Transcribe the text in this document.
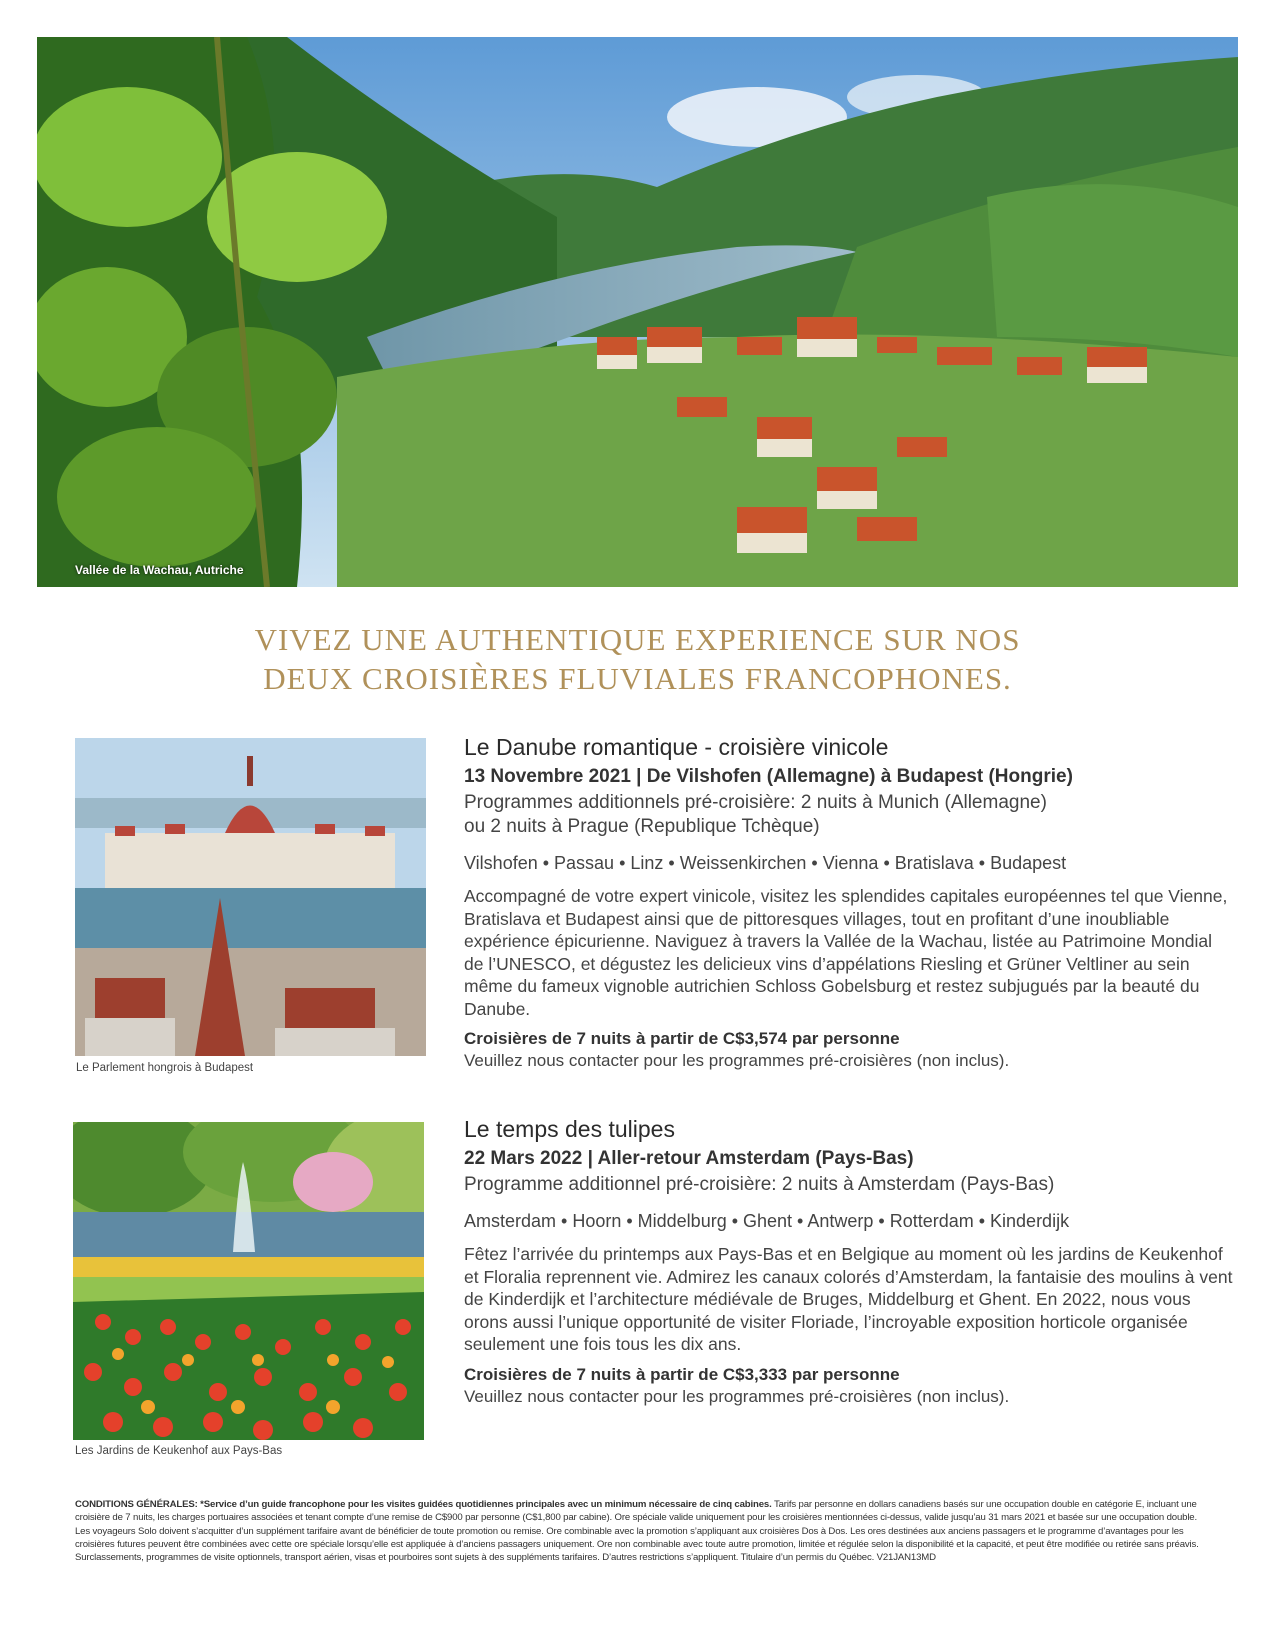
Vallée de la Wachau, Autriche
VIVEZ UNE AUTHENTIQUE EXPERIENCE SUR NOS
DEUX CROISIÈRES FLUVIALES FRANCOPHONES.
Le Parlement hongrois à Budapest
Le Danube romantique - croisière vinicole
13 Novembre 2021 | De Vilshofen (Allemagne) à Budapest (Hongrie)
Programmes additionnels pré-croisière: 2 nuits à Munich (Allemagne)
ou 2 nuits à Prague (Republique Tchèque)
Vilshofen • Passau • Linz • Weissenkirchen • Vienna • Bratislava • Budapest
Accompagné de votre expert vinicole, visitez les splendides capitales européennes tel que Vienne, Bratislava et Budapest ainsi que de pittoresques villages, tout en profitant d’une inoubliable expérience épicurienne. Naviguez à travers la Vallée de la Wachau, listée au Patrimoine Mondial de l’UNESCO, et dégustez les delicieux vins d’appélations Riesling et Grüner Veltliner au sein même du fameux vignoble autrichien Schloss Gobelsburg et restez subjugués par la beauté du Danube.
Croisières de 7 nuits à partir de C$3,574 par personne
Veuillez nous contacter pour les programmes pré-croisières (non inclus).
Les Jardins de Keukenhof aux Pays-Bas
Le temps des tulipes
22 Mars 2022 | Aller-retour Amsterdam (Pays-Bas)
Programme additionnel pré-croisière: 2 nuits à Amsterdam (Pays-Bas)
Amsterdam • Hoorn • Middelburg • Ghent • Antwerp • Rotterdam • Kinderdijk
Fêtez l’arrivée du printemps aux Pays-Bas et en Belgique au moment où les jardins de Keukenhof et Floralia reprennent vie. Admirez les canaux colorés d’Amsterdam, la fantaisie des moulins à vent de Kinderdijk et l’architecture médiévale de Bruges, Middelburg et Ghent. En 2022, nous vous orons aussi l’unique opportunité de visiter Floriade, l’incroyable exposition horticole organisée seulement une fois tous les dix ans.
Croisières de 7 nuits à partir de C$3,333 par personne
Veuillez nous contacter pour les programmes pré-croisières (non inclus).
CONDITIONS GÉNÉRALES: *Service d’un guide francophone pour les visites guidées quotidiennes principales avec un minimum nécessaire de cinq cabines. Tarifs par personne en dollars canadiens basés sur une occupation double en catégorie E, incluant une croisière de 7 nuits, les charges portuaires associées et tenant compte d’une remise de C$900 par personne (C$1,800 par cabine). Ore spéciale valide uniquement pour les croisières mentionnées ci-dessus, valide jusqu’au 31 mars 2021 et basée sur une occupation double. Les voyageurs Solo doivent s’acquitter d’un supplément tarifaire avant de bénéficier de toute promotion ou remise. Ore combinable avec la promotion s’appliquant aux croisières Dos à Dos. Les ores destinées aux anciens passagers et le programme d’avantages pour les croisières futures peuvent être combinées avec cette ore spéciale lorsqu’elle est appliquée à d’anciens passagers uniquement. Ore non combinable avec toute autre promotion, limitée et régulée selon la disponibilité et la capacité, et peut être modifiée ou retirée sans préavis. Surclassements, programmes de visite optionnels, transport aérien, visas et pourboires sont sujets à des suppléments tarifaires. D’autres restrictions s’appliquent. Titulaire d’un permis du Québec. V21JAN13MD
